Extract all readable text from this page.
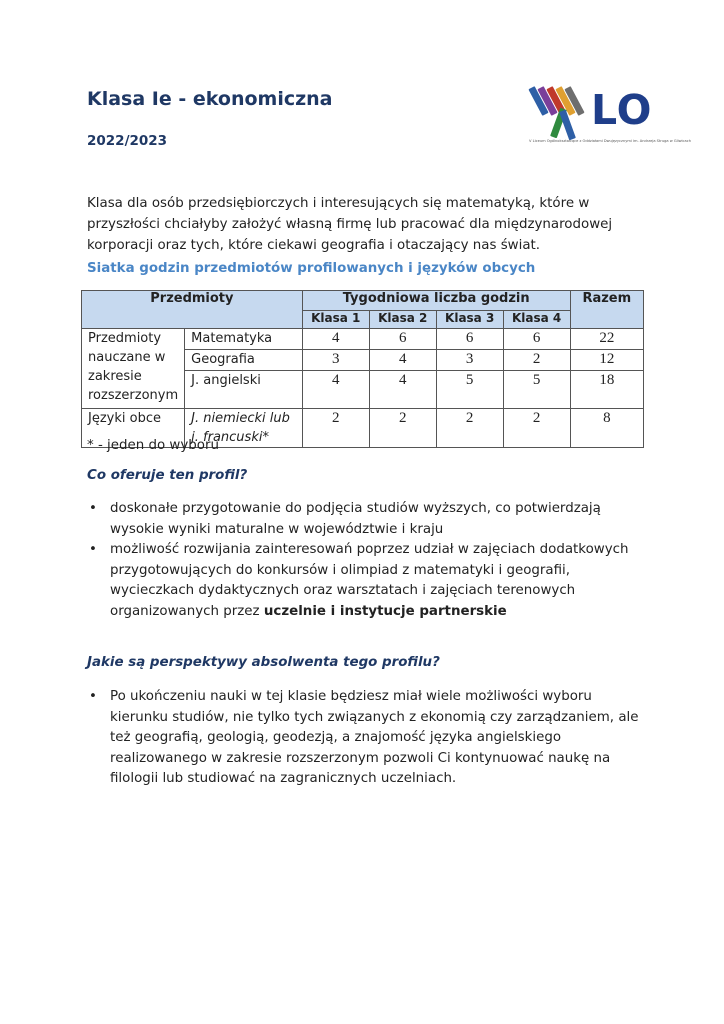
Klasa Ie - ekonomiczna
2022/2023
LO
V Liceum Ogólnokształcące z Oddziałami Dwujęzycznymi im. Andrzeja Struga w Gliwicach

Klasa dla osób przedsiębiorczych i interesujących się matematyką, które w przyszłości chciałyby założyć własną firmę lub pracować dla międzynarodowej korporacji oraz tych, które ciekawi geografia i otaczający nas świat.

Siatka godzin przedmiotów profilowanych i języków obcych
Przedmioty		Tygodniowa liczba godzin				Razem
		Klasa 1	Klasa 2	Klasa 3	Klasa 4	
Przedmioty nauczane w zakresie rozszerzonym	Matematyka	4	6	6	6	22
	Geografia	3	4	3	2	12
	J. angielski	4	4	5	5	18
Języki obce	J. niemiecki lub j. francuski*	2	2	2	2	8
* - jeden do wyboru
Co oferuje ten profil?
• doskonałe przygotowanie do podjęcia studiów wyższych, co potwierdzają wysokie wyniki maturalne w województwie i kraju
• możliwość rozwijania zainteresowań poprzez udział w zajęciach dodatkowych przygotowujących do konkursów i olimpiad z matematyki i geografii, wycieczkach dydaktycznych oraz warsztatach i zajęciach terenowych organizowanych przez uczelnie i instytucje partnerskie
Jakie są perspektywy absolwenta tego profilu?
• Po ukończeniu nauki w tej klasie będziesz miał wiele możliwości wyboru kierunku studiów, nie tylko tych związanych z ekonomią czy zarządzaniem, ale też geografią, geologią, geodezją, a znajomość języka angielskiego realizowanego w zakresie rozszerzonym pozwoli Ci kontynuować naukę na filologii lub studiować na zagranicznych uczelniach.
